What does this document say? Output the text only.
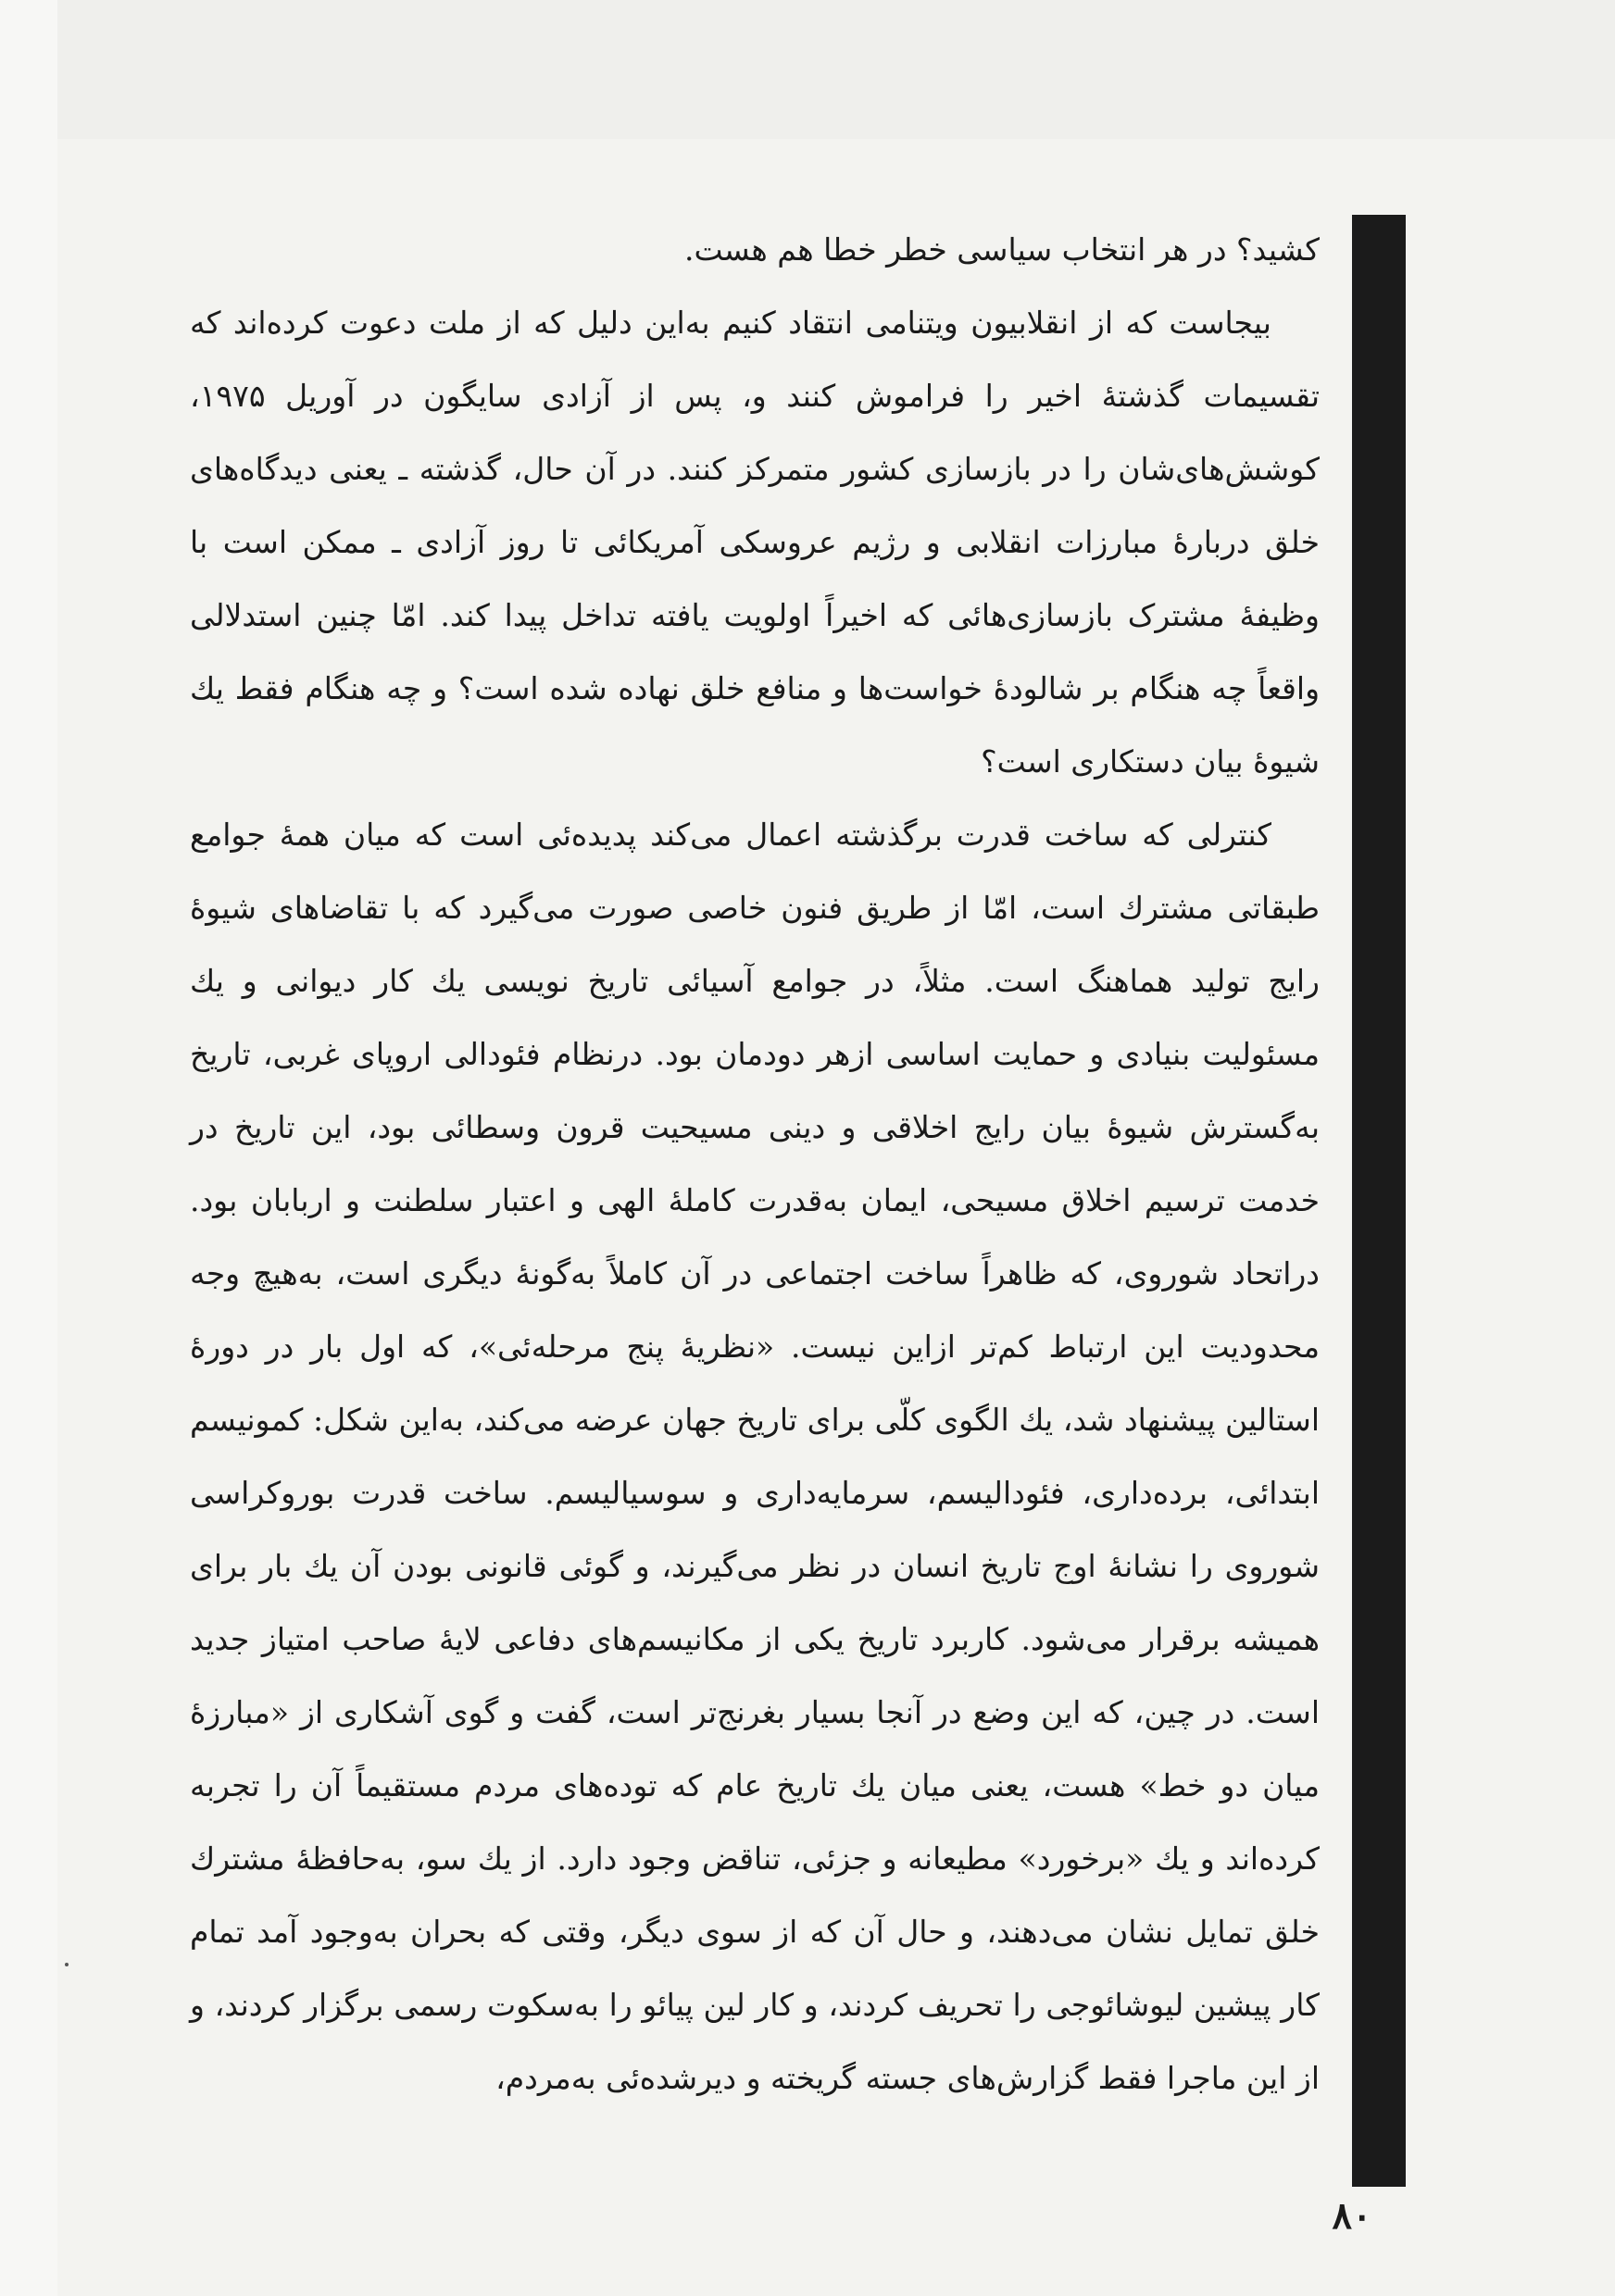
کشید؟ در هر انتخاب سیاسی خطر خطا هم هست.

بیجاست که از انقلابیون ویتنامی انتقاد کنیم به‌این دلیل که از ملت دعوت کرده‌اند که تقسیمات گذشتهٔ اخیر را فراموش کنند و، پس از آزادی سایگون در آوریل ۱۹۷۵، کوشش‌های‌شان را در بازسازی کشور متمرکز کنند. در آن حال، گذشته ـ یعنی دیدگاه‌های خلق دربارهٔ مبارزات انقلابی و رژیم عروسکی آمریکائی تا روز آزادی ـ ممکن است با وظیفهٔ مشترک بازسازی‌هائی که اخیراً اولویت یافته تداخل پیدا کند. امّا چنین استدلالی واقعاً چه هنگام بر شالودهٔ خواست‌ها و منافع خلق نهاده شده است؟ و چه هنگام فقط یك شیوهٔ بیان دستکاری است؟

کنترلی که ساخت قدرت برگذشته اعمال می‌کند پدیده‌ئی است که میان همهٔ جوامع طبقاتی مشترك است، امّا از طریق فنون خاصی صورت می‌گیرد که با تقاضاهای شیوهٔ رایج تولید هماهنگ است. مثلاً، در جوامع آسیائی تاریخ نویسی یك کار دیوانی و یك مسئولیت بنیادی و حمایت اساسی ازهر دودمان بود. درنظام فئودالی اروپای غربی، تاریخ به‌گسترش شیوهٔ بیان رایج اخلاقی و دینی مسیحیت قرون وسطائی بود، این تاریخ در خدمت ترسیم اخلاق مسیحی، ایمان به‌قدرت کاملهٔ الهی و اعتبار سلطنت و اربابان بود. دراتحاد شوروی، که ظاهراً ساخت اجتماعی در آن کاملاً به‌گونهٔ دیگری است، به‌هیچ وجه محدودیت این ارتباط کم‌تر ازاین نیست. «نظریهٔ پنج مرحله‌ئی»، که اول بار در دورهٔ استالین پیشنهاد شد، یك الگوی کلّی برای تاریخ جهان عرضه می‌کند، به‌این شکل: کمونیسم ابتدائی، برده‌داری، فئودالیسم، سرمایه‌داری و سوسیالیسم. ساخت قدرت بوروکراسی شوروی را نشانهٔ اوج تاریخ انسان در نظر می‌گیرند، و گوئی قانونی بودن آن یك بار برای همیشه برقرار می‌شود. کاربرد تاریخ یکی از مکانیسم‌های دفاعی لایهٔ صاحب امتیاز جدید است. در چین، که این وضع در آنجا بسیار بغرنج‌تر است، گفت و گوی آشکاری از «مبارزهٔ میان دو خط» هست، یعنی میان یك تاریخ عام که توده‌های مردم مستقیماً آن را تجربه کرده‌اند و یك «برخورد» مطیعانه و جزئی، تناقض وجود دارد. از یك سو، به‌حافظهٔ مشترك خلق تمایل نشان می‌دهند، و حال آن که از سوی دیگر، وقتی که بحران به‌وجود آمد تمام کار پیشین لیوشائوجی را تحریف کردند، و کار لین پیائو را به‌سکوت رسمی برگزار کردند، و از این ماجرا فقط گزارش‌های جسته گریخته و دیرشده‌ئی به‌مردم،

۸۰
